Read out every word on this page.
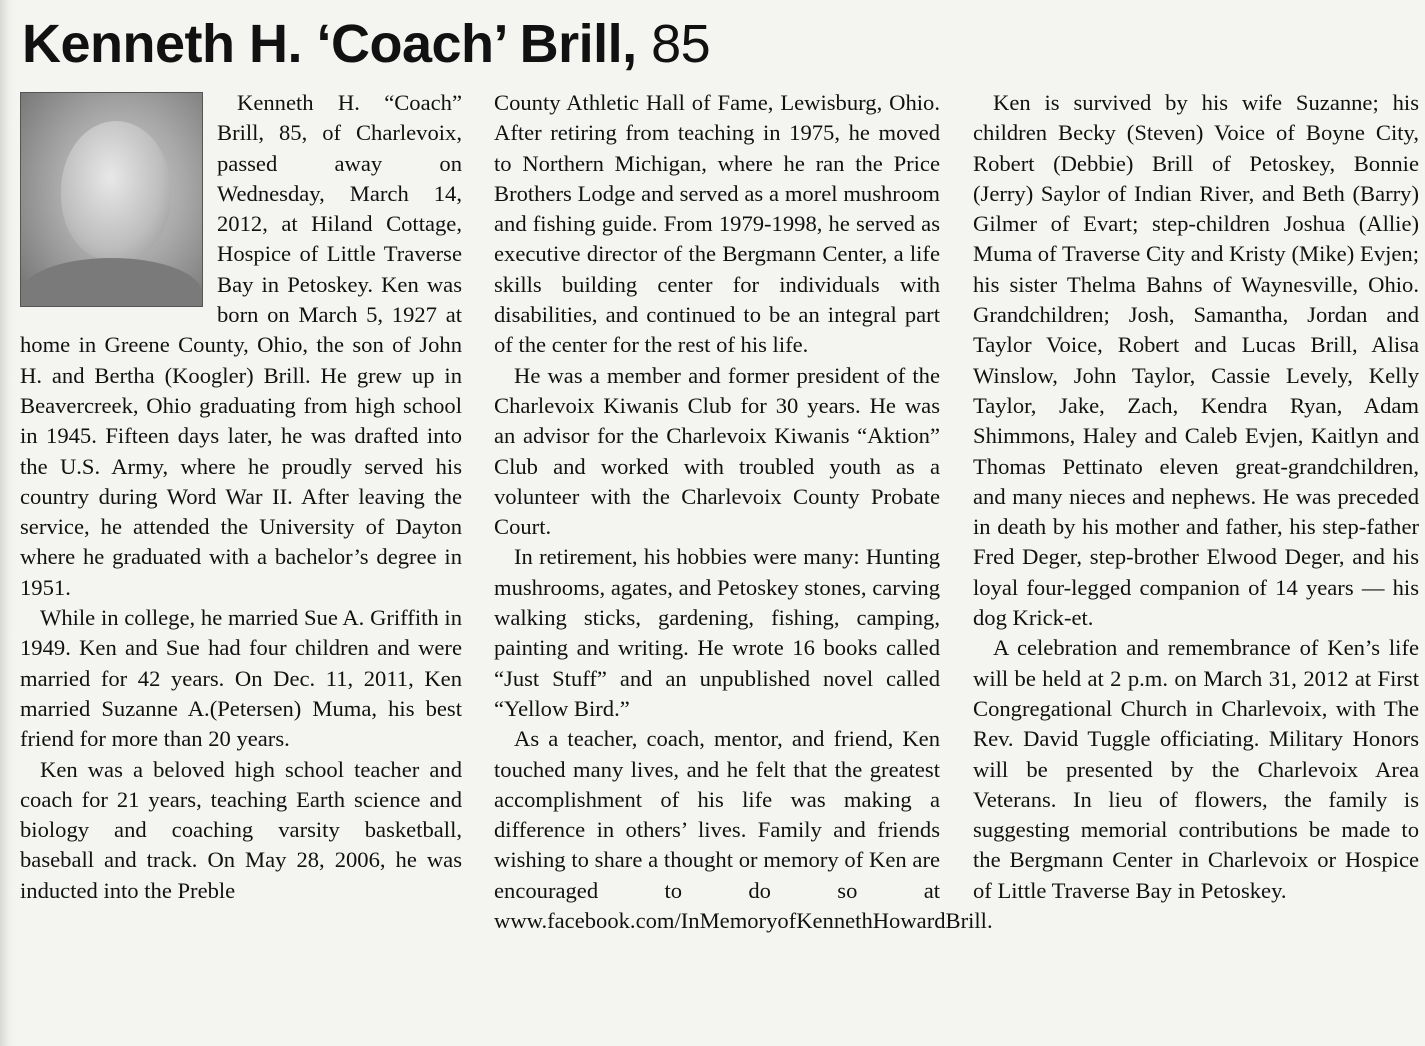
Kenneth H. ‘Coach’ Brill, 85

Kenneth H. “Coach” Brill, 85, of Charlevoix, passed away on Wednesday, March 14, 2012, at Hiland Cottage, Hospice of Little Traverse Bay in Petoskey. Ken was born on March 5, 1927 at home in Greene County, Ohio, the son of John H. and Bertha (Koogler) Brill. He grew up in Beavercreek, Ohio graduating from high school in 1945. Fifteen days later, he was drafted into the U.S. Army, where he proudly served his country during Word War II. After leaving the service, he attended the University of Dayton where he graduated with a bachelor’s degree in 1951.

While in college, he married Sue A. Griffith in 1949. Ken and Sue had four children and were married for 42 years. On Dec. 11, 2011, Ken married Suzanne A.(Petersen) Muma, his best friend for more than 20 years.

Ken was a beloved high school teacher and coach for 21 years, teaching Earth science and biology and coaching varsity basketball, baseball and track. On May 28, 2006, he was inducted into the Preble

County Athletic Hall of Fame, Lewisburg, Ohio. After retiring from teaching in 1975, he moved to Northern Michigan, where he ran the Price Brothers Lodge and served as a morel mushroom and fishing guide. From 1979-1998, he served as executive director of the Bergmann Center, a life skills building center for individuals with disabilities, and continued to be an integral part of the center for the rest of his life.

He was a member and former president of the Charlevoix Kiwanis Club for 30 years. He was an advisor for the Charlevoix Kiwanis “Aktion” Club and worked with troubled youth as a volunteer with the Charlevoix County Probate Court.

In retirement, his hobbies were many: Hunting mushrooms, agates, and Petoskey stones, carving walking sticks, gardening, fishing, camping, painting and writing. He wrote 16 books called “Just Stuff” and an unpublished novel called “Yellow Bird.”

As a teacher, coach, mentor, and friend, Ken touched many lives, and he felt that the greatest accomplishment of his life was making a difference in others’ lives. Family and friends wishing to share a thought or memory of Ken are encouraged to do so at www.facebook.com/InMemoryofKennethHowardBrill.

Ken is survived by his wife Suzanne; his children Becky (Steven) Voice of Boyne City, Robert (Debbie) Brill of Petoskey, Bonnie (Jerry) Saylor of Indian River, and Beth (Barry) Gilmer of Evart; step-children Joshua (Allie) Muma of Traverse City and Kristy (Mike) Evjen; his sister Thelma Bahns of Waynesville, Ohio. Grandchildren; Josh, Samantha, Jordan and Taylor Voice, Robert and Lucas Brill, Alisa Winslow, John Taylor, Cassie Levely, Kelly Taylor, Jake, Zach, Kendra Ryan, Adam Shimmons, Haley and Caleb Evjen, Kaitlyn and Thomas Pettinato eleven great-grandchildren, and many nieces and nephews. He was preceded in death by his mother and father, his step-father Fred Deger, step-brother Elwood Deger, and his loyal four-legged companion of 14 years — his dog Krick-et.

A celebration and remembrance of Ken’s life will be held at 2 p.m. on March 31, 2012 at First Congregational Church in Charlevoix, with The Rev. David Tuggle officiating. Military Honors will be presented by the Charlevoix Area Veterans. In lieu of flowers, the family is suggesting memorial contributions be made to the Bergmann Center in Charlevoix or Hospice of Little Traverse Bay in Petoskey.
